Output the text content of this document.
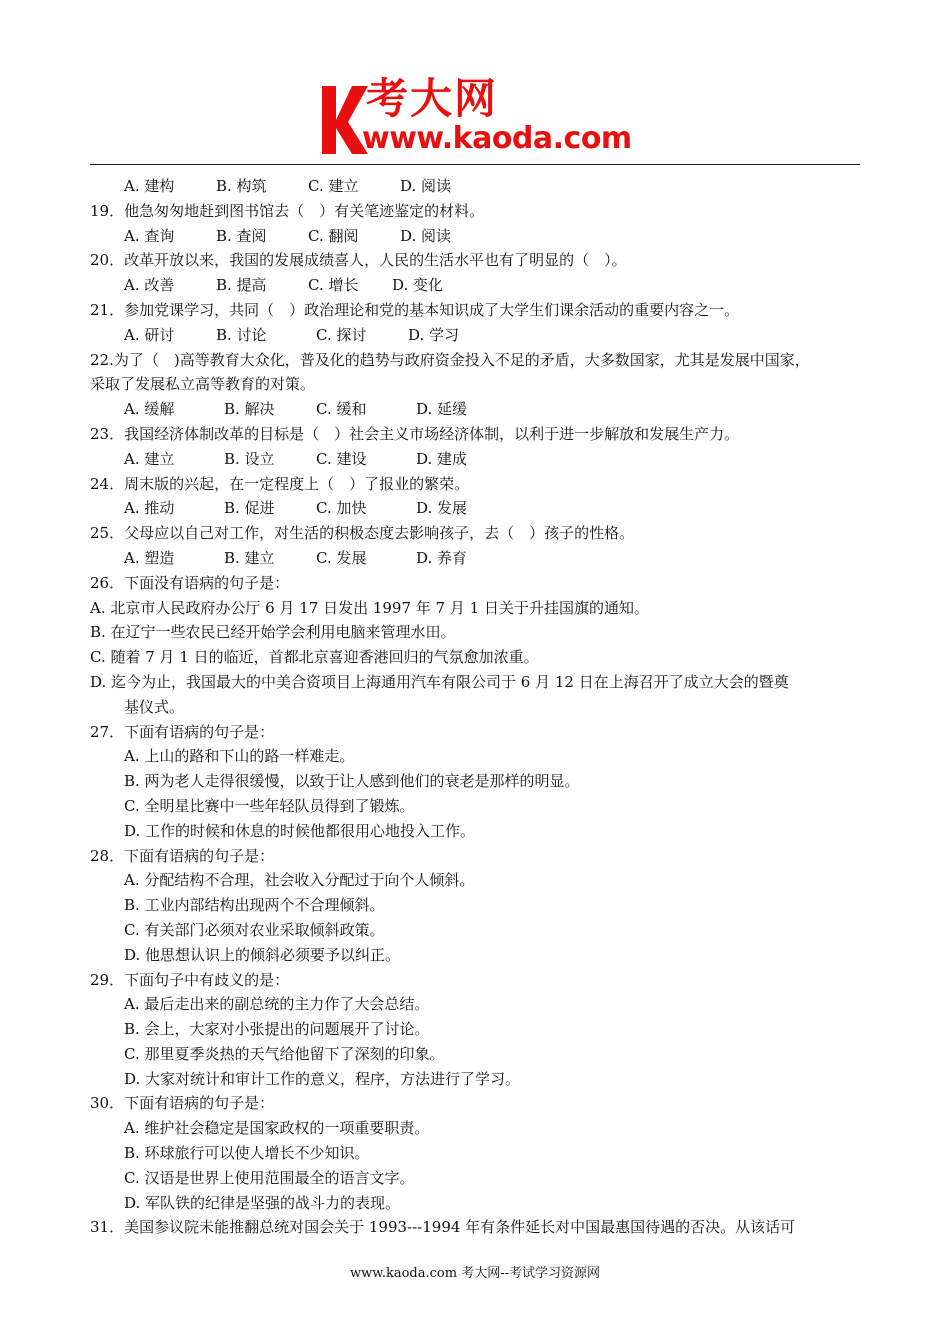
考大网
www.kaoda.com
A. 建构	B. 构筑	C. 建立	D. 阅读
19．他急匆匆地赶到图书馆去（　）有关笔迹鉴定的材料。
A. 查询	B. 查阅	C. 翻阅	D. 阅读
20．改革开放以来，我国的发展成绩喜人，人民的生活水平也有了明显的（　）。
A. 改善	B. 提高	C. 增长 D. 变化
21．参加党课学习，共同（　）政治理论和党的基本知识成了大学生们课余活动的重要内容之一。
A. 研讨	B. 讨论	C. 探讨	D. 学习
22.为了（　)高等教育大众化，普及化的趋势与政府资金投入不足的矛盾，大多数国家，尤其是发展中国家，
采取了发展私立高等教育的对策。
A. 缓解	B. 解决	C. 缓和	D. 延缓
23．我国经济体制改革的目标是（　）社会主义市场经济体制，以利于进一步解放和发展生产力。
A. 建立	B. 设立	C. 建设	D. 建成
24．周末版的兴起，在一定程度上（　）了报业的繁荣。
A. 推动	B. 促进	C. 加快	D. 发展
25．父母应以自己对工作，对生活的积极态度去影响孩子，去（　）孩子的性格。
A. 塑造	B. 建立	C. 发展	D. 养育
26．下面没有语病的句子是：
A. 北京市人民政府办公厅 6 月 17 日发出 1997 年 7 月 1 日关于升挂国旗的通知。
B. 在辽宁一些农民已经开始学会利用电脑来管理水田。
C. 随着 7 月 1 日的临近，首都北京喜迎香港回归的气氛愈加浓重。
D. 迄今为止，我国最大的中美合资项目上海通用汽车有限公司于 6 月 12 日在上海召开了成立大会的暨奠
基仪式。
27．下面有语病的句子是：
A. 上山的路和下山的路一样难走。
B. 两为老人走得很缓慢，以致于让人感到他们的衰老是那样的明显。
C. 全明星比赛中一些年轻队员得到了锻炼。
D. 工作的时候和休息的时候他都很用心地投入工作。
28．下面有语病的句子是：
A. 分配结构不合理，社会收入分配过于向个人倾斜。
B. 工业内部结构出现两个不合理倾斜。
C. 有关部门必须对农业采取倾斜政策。
D. 他思想认识上的倾斜必须要予以纠正。
29．下面句子中有歧义的是：
A. 最后走出来的副总统的主力作了大会总结。
B. 会上，大家对小张提出的问题展开了讨论。
C. 那里夏季炎热的天气给他留下了深刻的印象。
D. 大家对统计和审计工作的意义，程序，方法进行了学习。
30．下面有语病的句子是：
A. 维护社会稳定是国家政权的一项重要职责。
B. 环球旅行可以使人增长不少知识。
C. 汉语是世界上使用范围最全的语言文字。
D. 军队铁的纪律是坚强的战斗力的表现。
31．美国参议院未能推翻总统对国会关于 1993---1994 年有条件延长对中国最惠国待遇的否决。从该话可
www.kaoda.com 考大网--考试学习资源网
